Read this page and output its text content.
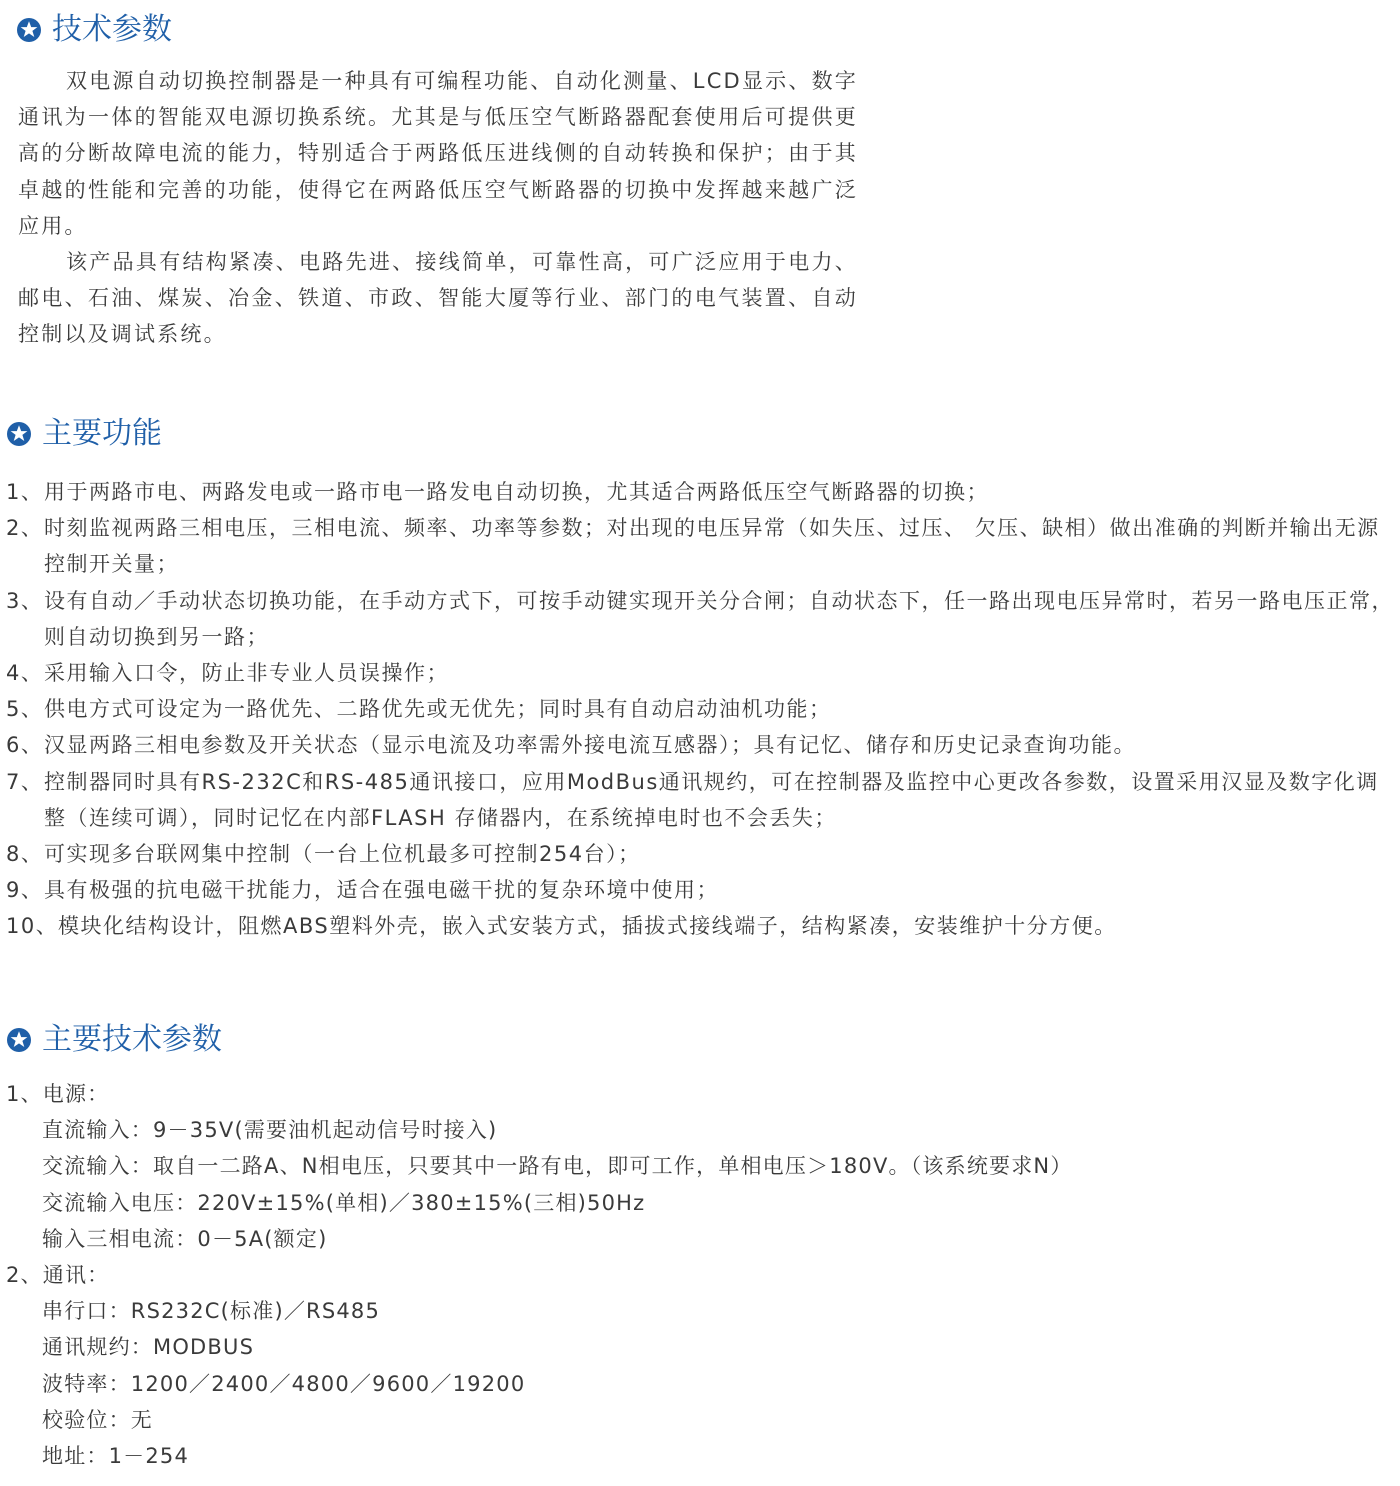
技术参数

双电源自动切换控制器是一种具有可编程功能、自动化测量、LCD显示、数字通讯为一体的智能双电源切换系统。尤其是与低压空气断路器配套使用后可提供更高的分断故障电流的能力，特别适合于两路低压进线侧的自动转换和保护；由于其卓越的性能和完善的功能，使得它在两路低压空气断路器的切换中发挥越来越广泛应用。

该产品具有结构紧凑、电路先进、接线简单，可靠性高，可广泛应用于电力、邮电、石油、煤炭、冶金、铁道、市政、智能大厦等行业、部门的电气装置、自动控制以及调试系统。

主要功能
1、 用于两路市电、两路发电或一路市电一路发电自动切换，尤其适合两路低压空气断路器的切换；
2、 时刻监视两路三相电压，三相电流、频率、功率等参数；对出现的电压异常（如失压、过压、 欠压、缺相）做出准确的判断并输出无源控制开关量；
3、 设有自动／手动状态切换功能，在手动方式下，可按手动键实现开关分合闸；自动状态下，任一路出现电压异常时，若另一路电压正常，则自动切换到另一路；
4、 采用输入口令，防止非专业人员误操作；
5、 供电方式可设定为一路优先、二路优先或无优先；同时具有自动启动油机功能；
6、 汉显两路三相电参数及开关状态（显示电流及功率需外接电流互感器）；具有记忆、储存和历史记录查询功能。
7、 控制器同时具有RS-232C和RS-485通讯接口，应用ModBus通讯规约，可在控制器及监控中心更改各参数，设置采用汉显及数字化调整（连续可调），同时记忆在内部FLASH 存储器内，在系统掉电时也不会丢失；
8、 可实现多台联网集中控制（一台上位机最多可控制254台）；
9、 具有极强的抗电磁干扰能力，适合在强电磁干扰的复杂环境中使用；
10、 模块化结构设计，阻燃ABS塑料外壳，嵌入式安装方式，插拔式接线端子，结构紧凑，安装维护十分方便。
主要技术参数
1、电源：
直流输入：9－35V(需要油机起动信号时接入)
交流输入：取自一二路A、N相电压，只要其中一路有电，即可工作，单相电压＞180V。（该系统要求N）
交流输入电压：220V±15%(单相)／380±15%(三相)50Hz
输入三相电流：0－5A(额定)
2、通讯：
串行口：RS232C(标准)／RS485
通讯规约：MODBUS
波特率：1200／2400／4800／9600／19200
校验位：无
地址：1－254
